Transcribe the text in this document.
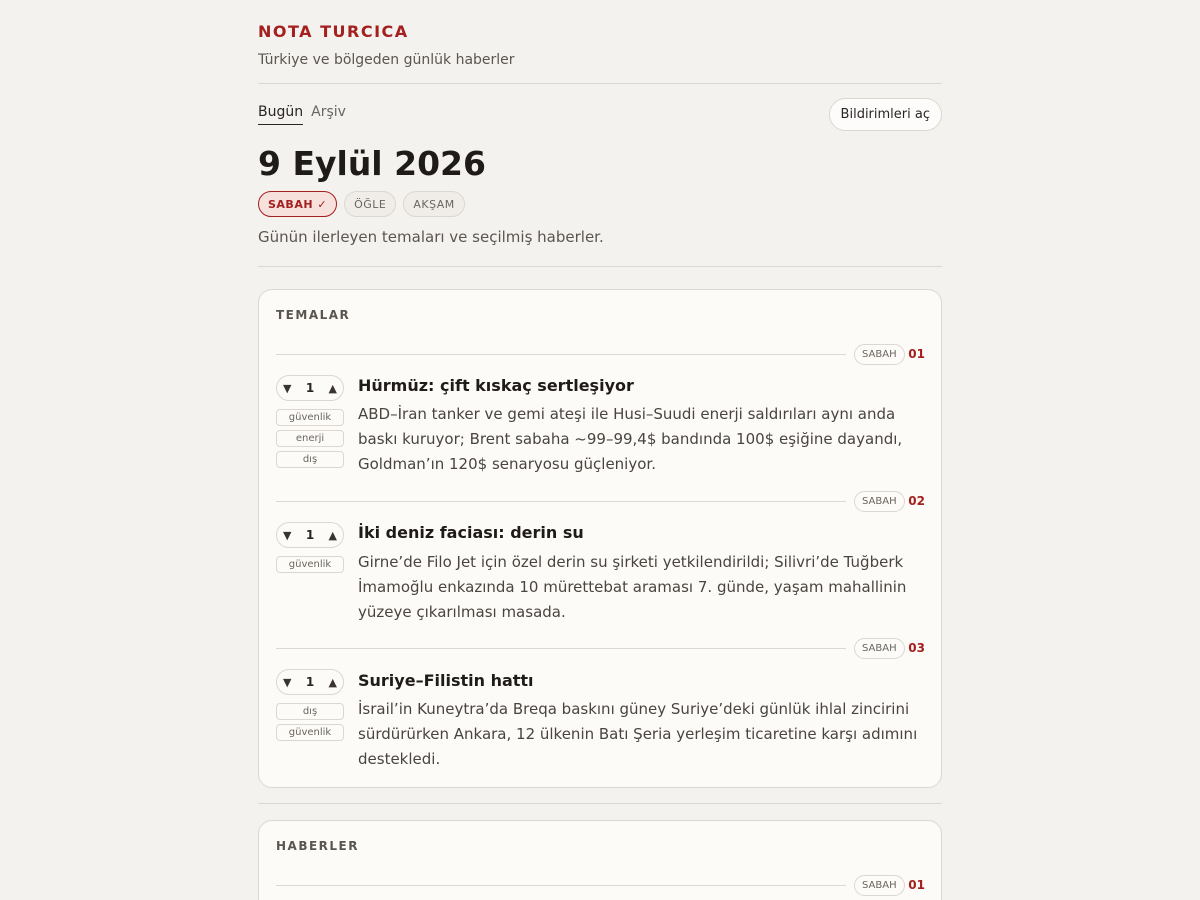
NOTA TURCICA
Türkiye ve bölgeden günlük haberler
Bugün Arşiv	Bildirimleri aç
9 Eylül 2026
SABAH ✓	ÖĞLE	AKŞAM

Günün ilerleyen temaları ve seçilmiş haberler.

TEMALAR
SABAH 01
▼ 1 ▲
güvenlik
enerji
dış
Hürmüz: çift kıskaç sertleşiyor

ABD–İran tanker ve gemi ateşi ile Husi–Suudi enerji saldırıları aynı anda baskı kuruyor; Brent sabaha ~99–99,4$ bandında 100$ eşiğine dayandı, Goldman’ın 120$ senaryosu güçleniyor.

SABAH 02
▼ 1 ▲
güvenlik
İki deniz faciası: derin su

Girne’de Filo Jet için özel derin su şirketi yetkilendirildi; Silivri’de Tuğberk İmamoğlu enkazında 10 mürettebat araması 7. günde, yaşam mahallinin yüzeye çıkarılması masada.

SABAH 03
▼ 1 ▲
dış
güvenlik
Suriye–Filistin hattı

İsrail’in Kuneytra’da Breqa baskını güney Suriye’deki günlük ihlal zincirini sürdürürken Ankara, 12 ülkenin Batı Şeria yerleşim ticaretine karşı adımını destekledi.

HABERLER
SABAH 01
